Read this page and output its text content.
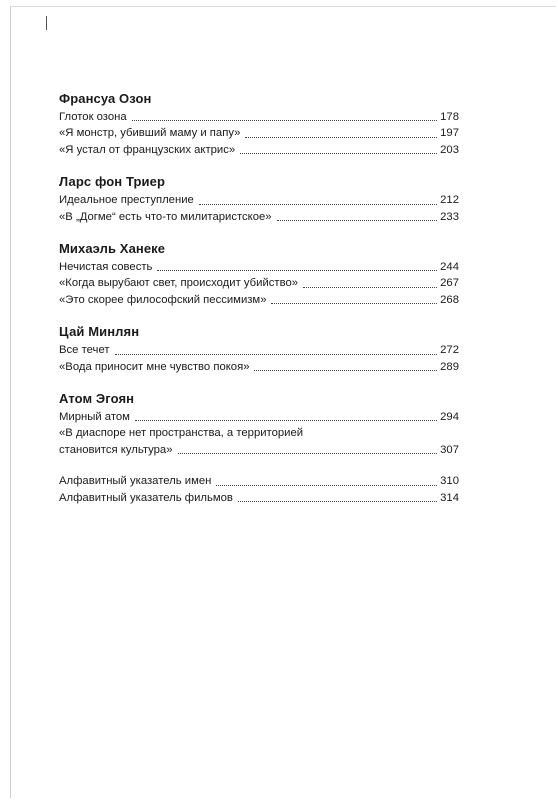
Франсуа Озон
Глоток озона	178
«Я монстр, убивший маму и папу»	197
«Я устал от французских актрис»	203
Ларс фон Триер
Идеальное преступление	212
«В „Догме“ есть что-то милитаристское»	233
Михаэль Ханеке
Нечистая совесть	244
«Когда вырубают свет, происходит убийство»	267
«Это скорее философский пессимизм»	268
Цай Минлян
Все течет	272
«Вода приносит мне чувство покоя»	289
Атом Эгоян
Мирный атом	294
«В диаспоре нет пространства, а территорией
становится культура»	307
Алфавитный указатель имен	310
Алфавитный указатель фильмов	314
